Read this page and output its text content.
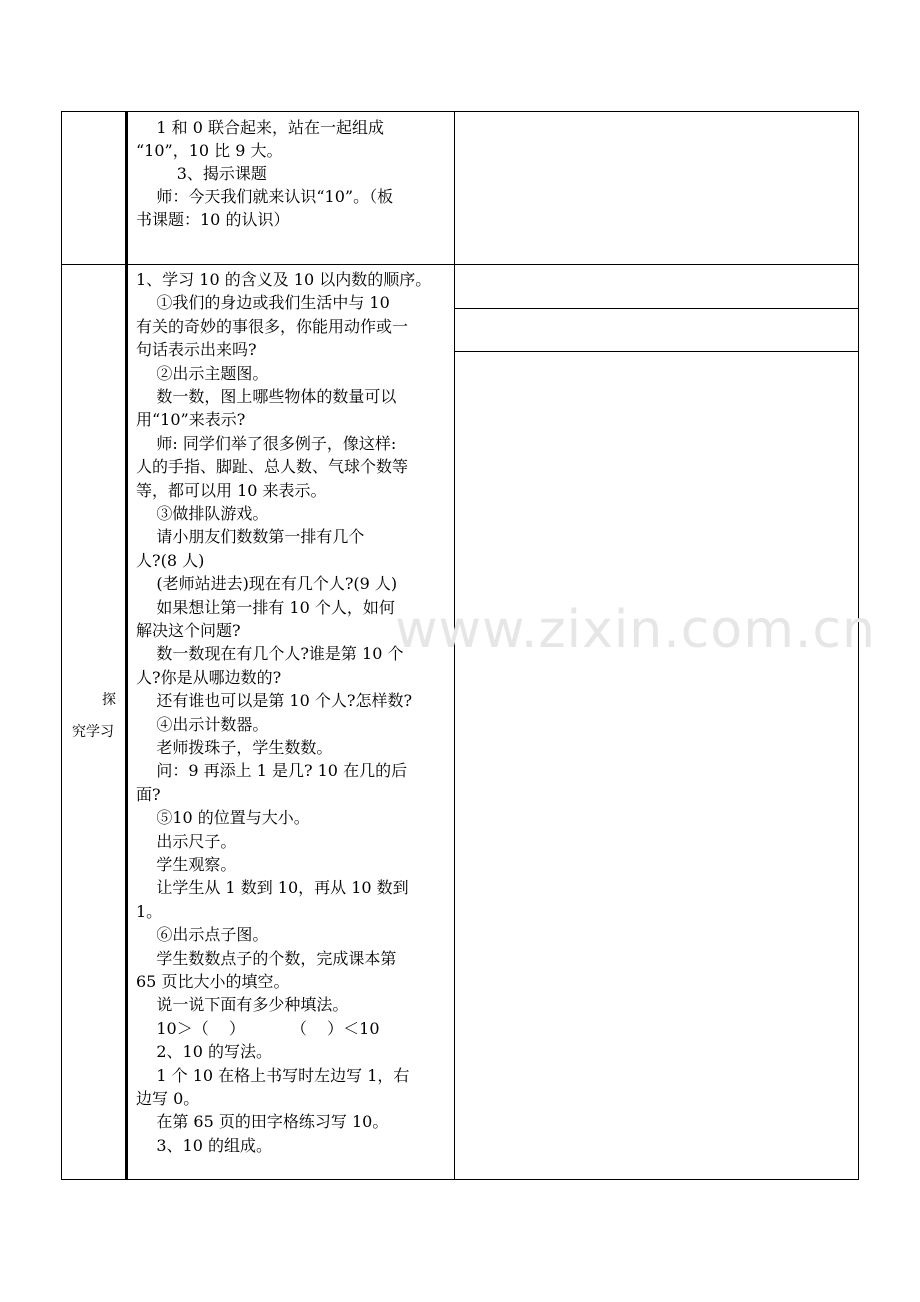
1 和 0 联合起来，站在一起组成
“10”，10 比 9 大。
3、揭示课题
师：今天我们就来认识“10”。（板
书课题：10 的认识）
探
究学习
1、学习 10 的含义及 10 以内数的顺序。
①我们的身边或我们生活中与 10
有关的奇妙的事很多，你能用动作或一
句话表示出来吗?
②出示主题图。
数一数，图上哪些物体的数量可以
用“10”来表示?
师: 同学们举了很多例子，像这样:
人的手指、脚趾、总人数、气球个数等
等，都可以用 10 来表示。
③做排队游戏。
请小朋友们数数第一排有几个
人?(8 人)
(老师站进去)现在有几个人?(9 人)
如果想让第一排有 10 个人，如何
解决这个问题?
数一数现在有几个人?谁是第 10 个
人?你是从哪边数的?
还有谁也可以是第 10 个人?怎样数?
④出示计数器。
老师拨珠子，学生数数。
问：9 再添上 1 是几? 10 在几的后
面?
⑤10 的位置与大小。
出示尺子。
学生观察。
让学生从 1 数到 10，再从 10 数到
1。
⑥出示点子图。
学生数数点子的个数，完成课本第
65 页比大小的填空。
说一说下面有多少种填法。
10＞（    ）         （    ）＜10
2、10 的写法。
1 个 10 在格上书写时左边写 1，右
边写 0。
在第 65 页的田字格练习写 10。
3、10 的组成。
www.zixin.com.cn
